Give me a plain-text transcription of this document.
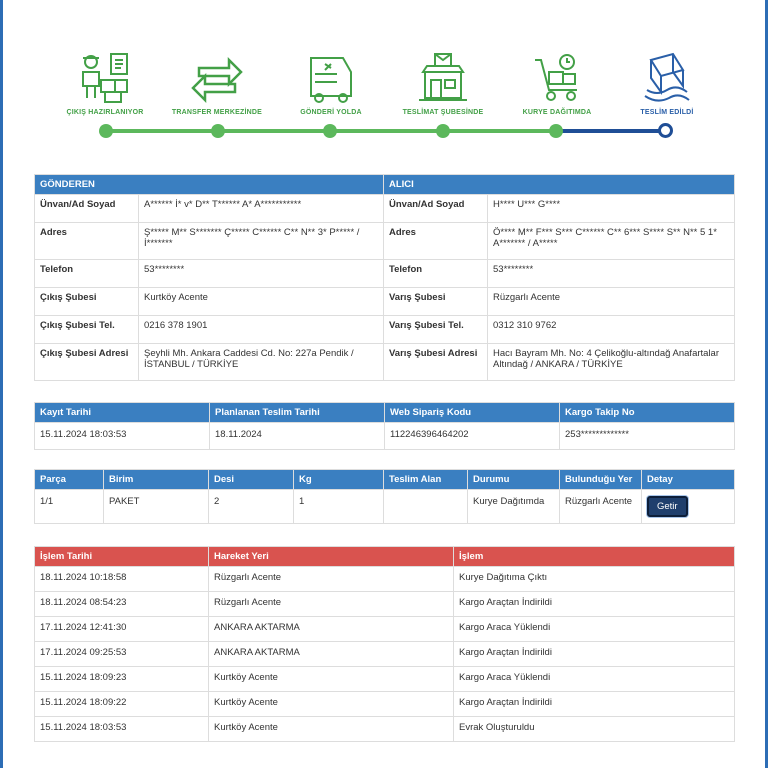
ÇIKIŞ HAZIRLANIYOR	TRANSFER MERKEZİNDE	GÖNDERİ YOLDA	TESLİMAT ŞUBESİNDE	KURYE DAĞITIMDA	TESLİM EDİLDİ
GÖNDEREN		ALICI	
Ünvan/Ad Soyad	A****** İ* v* D** T****** A* A***********	Ünvan/Ad Soyad	H**** U*** G****
Adres	Ş***** M** S******* Ç***** C****** C** N** 3* P***** / İ*******	Adres	Ö**** M** F*** S*** C****** C** 6*** S**** S** N** 5 1* A******* / A*****
Telefon	53********	Telefon	53********
Çıkış Şubesi	Kurtköy Acente	Varış Şubesi	Rüzgarlı Acente
Çıkış Şubesi Tel.	0216 378 1901	Varış Şubesi Tel.	0312 310 9762
Çıkış Şubesi Adresi	Şeyhli Mh. Ankara Caddesi Cd. No: 227a Pendik / İSTANBUL / TÜRKİYE	Varış Şubesi Adresi	Hacı Bayram Mh. No: 4 Çelikoğlu-altındağ Anafartalar Altındağ / ANKARA / TÜRKİYE
Kayıt Tarihi	Planlanan Teslim Tarihi	Web Sipariş Kodu	Kargo Takip No
15.11.2024 18:03:53	18.11.2024	112246396464202	253*************
Parça	Birim	Desi	Kg	Teslim Alan	Durumu	Bulunduğu Yer	Detay
1/1	PAKET	2	1		Kurye Dağıtımda	Rüzgarlı Acente	Getir
İşlem Tarihi	Hareket Yeri	İşlem
18.11.2024 10:18:58	Rüzgarlı Acente	Kurye Dağıtıma Çıktı
18.11.2024 08:54:23	Rüzgarlı Acente	Kargo Araçtan İndirildi
17.11.2024 12:41:30	ANKARA AKTARMA	Kargo Araca Yüklendi
17.11.2024 09:25:53	ANKARA AKTARMA	Kargo Araçtan İndirildi
15.11.2024 18:09:23	Kurtköy Acente	Kargo Araca Yüklendi
15.11.2024 18:09:22	Kurtköy Acente	Kargo Araçtan İndirildi
15.11.2024 18:03:53	Kurtköy Acente	Evrak Oluşturuldu
